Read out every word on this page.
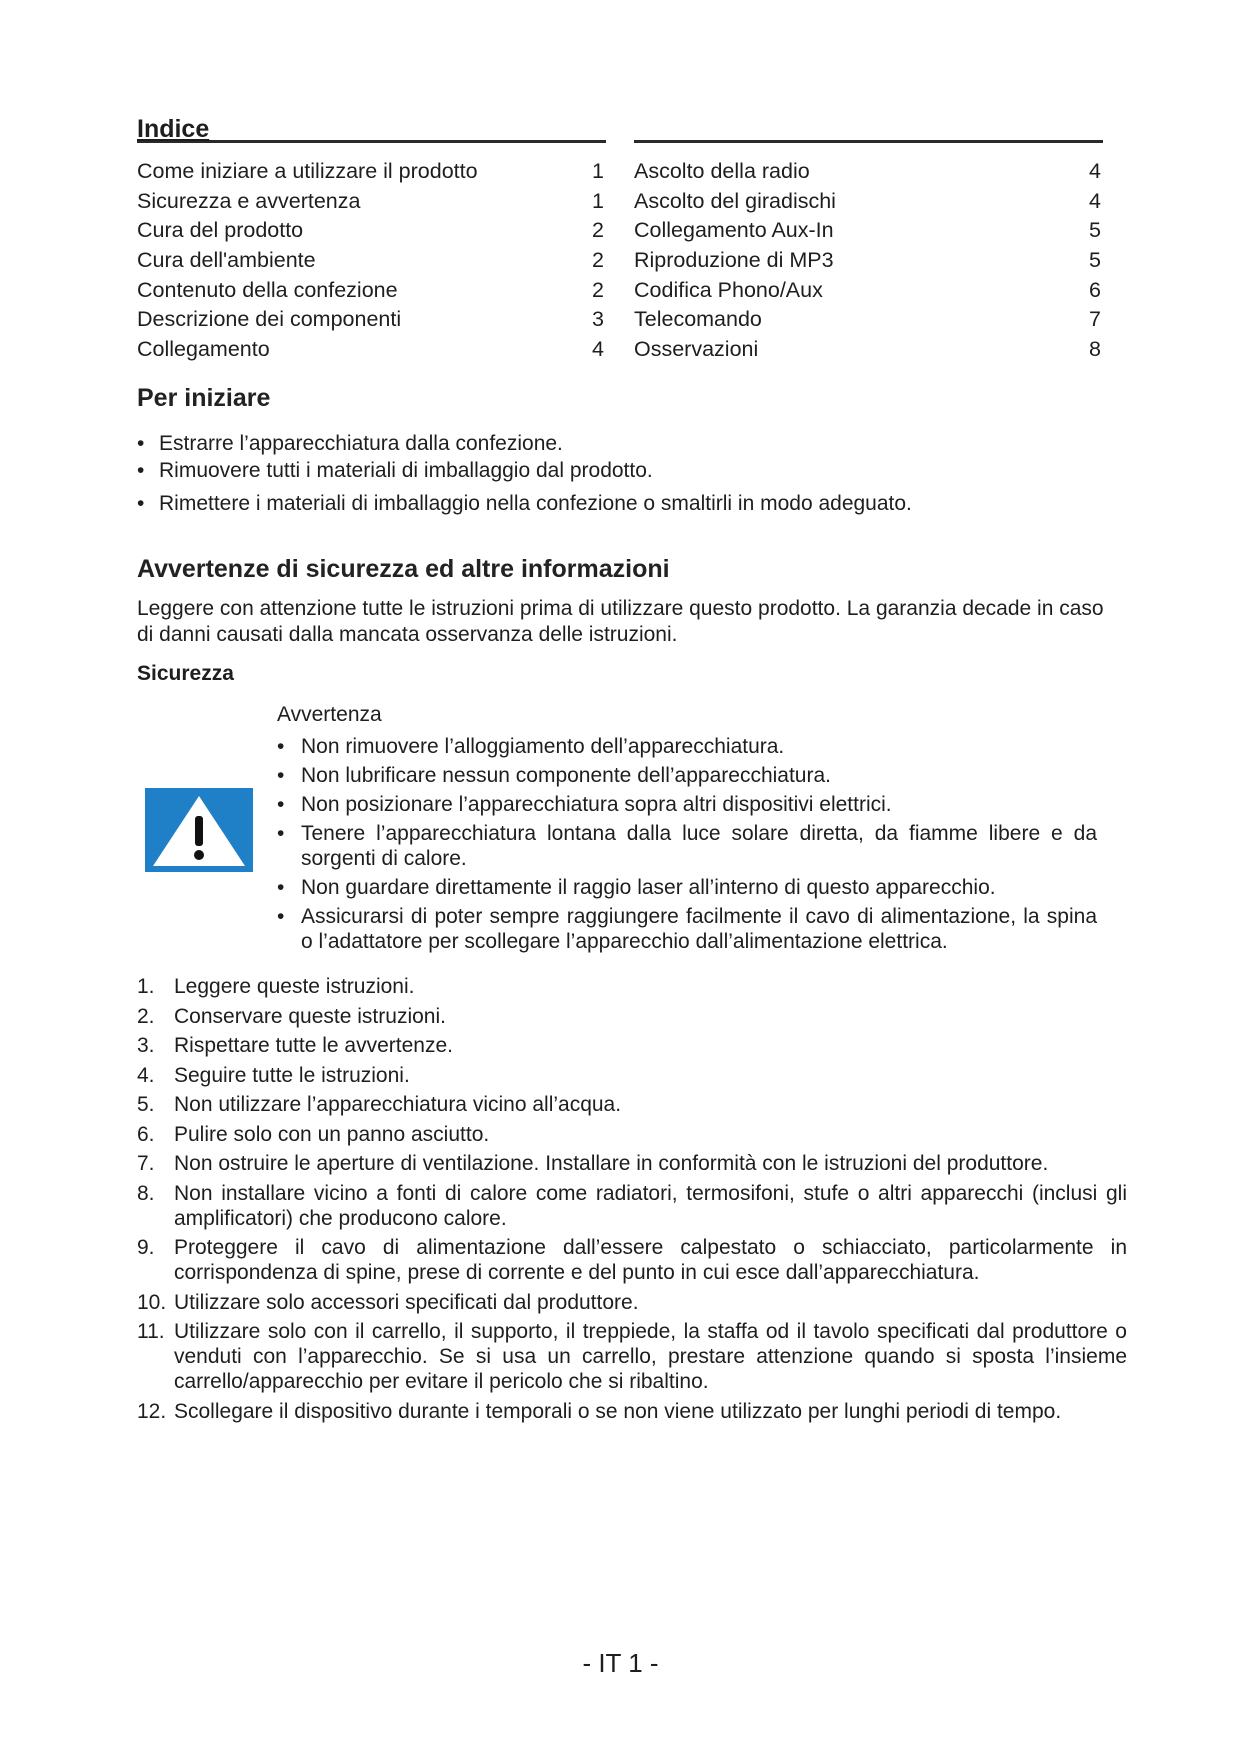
Indice
Come iniziare a utilizzare il prodotto	1
Sicurezza e avvertenza	1
Cura del prodotto	2
Cura dell'ambiente	2
Contenuto della confezione	2
Descrizione dei componenti	3
Collegamento	4
Ascolto della radio	4
Ascolto del giradischi	4
Collegamento Aux-In	5
Riproduzione di MP3	5
Codifica Phono/Aux	6
Telecomando	7
Osservazioni	8
Per iniziare
• Estrarre l’apparecchiatura dalla confezione.
• Rimuovere tutti i materiali di imballaggio dal prodotto.
• Rimettere i materiali di imballaggio nella confezione o smaltirli in modo adeguato.
Avvertenze di sicurezza ed altre informazioni

Leggere con attenzione tutte le istruzioni prima di utilizzare questo prodotto. La garanzia decade in caso di danni causati dalla mancata osservanza delle istruzioni.

Sicurezza

Avvertenza

• Non rimuovere l’alloggiamento dell’apparecchiatura.
• Non lubrificare nessun componente dell’apparecchiatura.
• Non posizionare l’apparecchiatura sopra altri dispositivi elettrici.
• Tenere l’apparecchiatura lontana dalla luce solare diretta, da fiamme libere e da sorgenti di calore.
• Non guardare direttamente il raggio laser all’interno di questo apparecchio.
• Assicurarsi di poter sempre raggiungere facilmente il cavo di alimentazione, la spina o l’adattatore per scollegare l’apparecchio dall’alimentazione elettrica.
1. Leggere queste istruzioni.
2. Conservare queste istruzioni.
3. Rispettare tutte le avvertenze.
4. Seguire tutte le istruzioni.
5. Non utilizzare l’apparecchiatura vicino all’acqua.
6. Pulire solo con un panno asciutto.
7. Non ostruire le aperture di ventilazione. Installare in conformità con le istruzioni del produttore.
8. Non installare vicino a fonti di calore come radiatori, termosifoni, stufe o altri apparecchi (inclusi gli amplificatori) che producono calore.
9. Proteggere il cavo di alimentazione dall’essere calpestato o schiacciato, particolarmente in corrispondenza di spine, prese di corrente e del punto in cui esce dall’apparecchiatura.
10. Utilizzare solo accessori specificati dal produttore.
11. Utilizzare solo con il carrello, il supporto, il treppiede, la staffa od il tavolo specificati dal produttore o venduti con l’apparecchio. Se si usa un carrello, prestare attenzione quando si sposta l’insieme carrello/apparecchio per evitare il pericolo che si ribaltino.
12. Scollegare il dispositivo durante i temporali o se non viene utilizzato per lunghi periodi di tempo.
- IT 1 -
